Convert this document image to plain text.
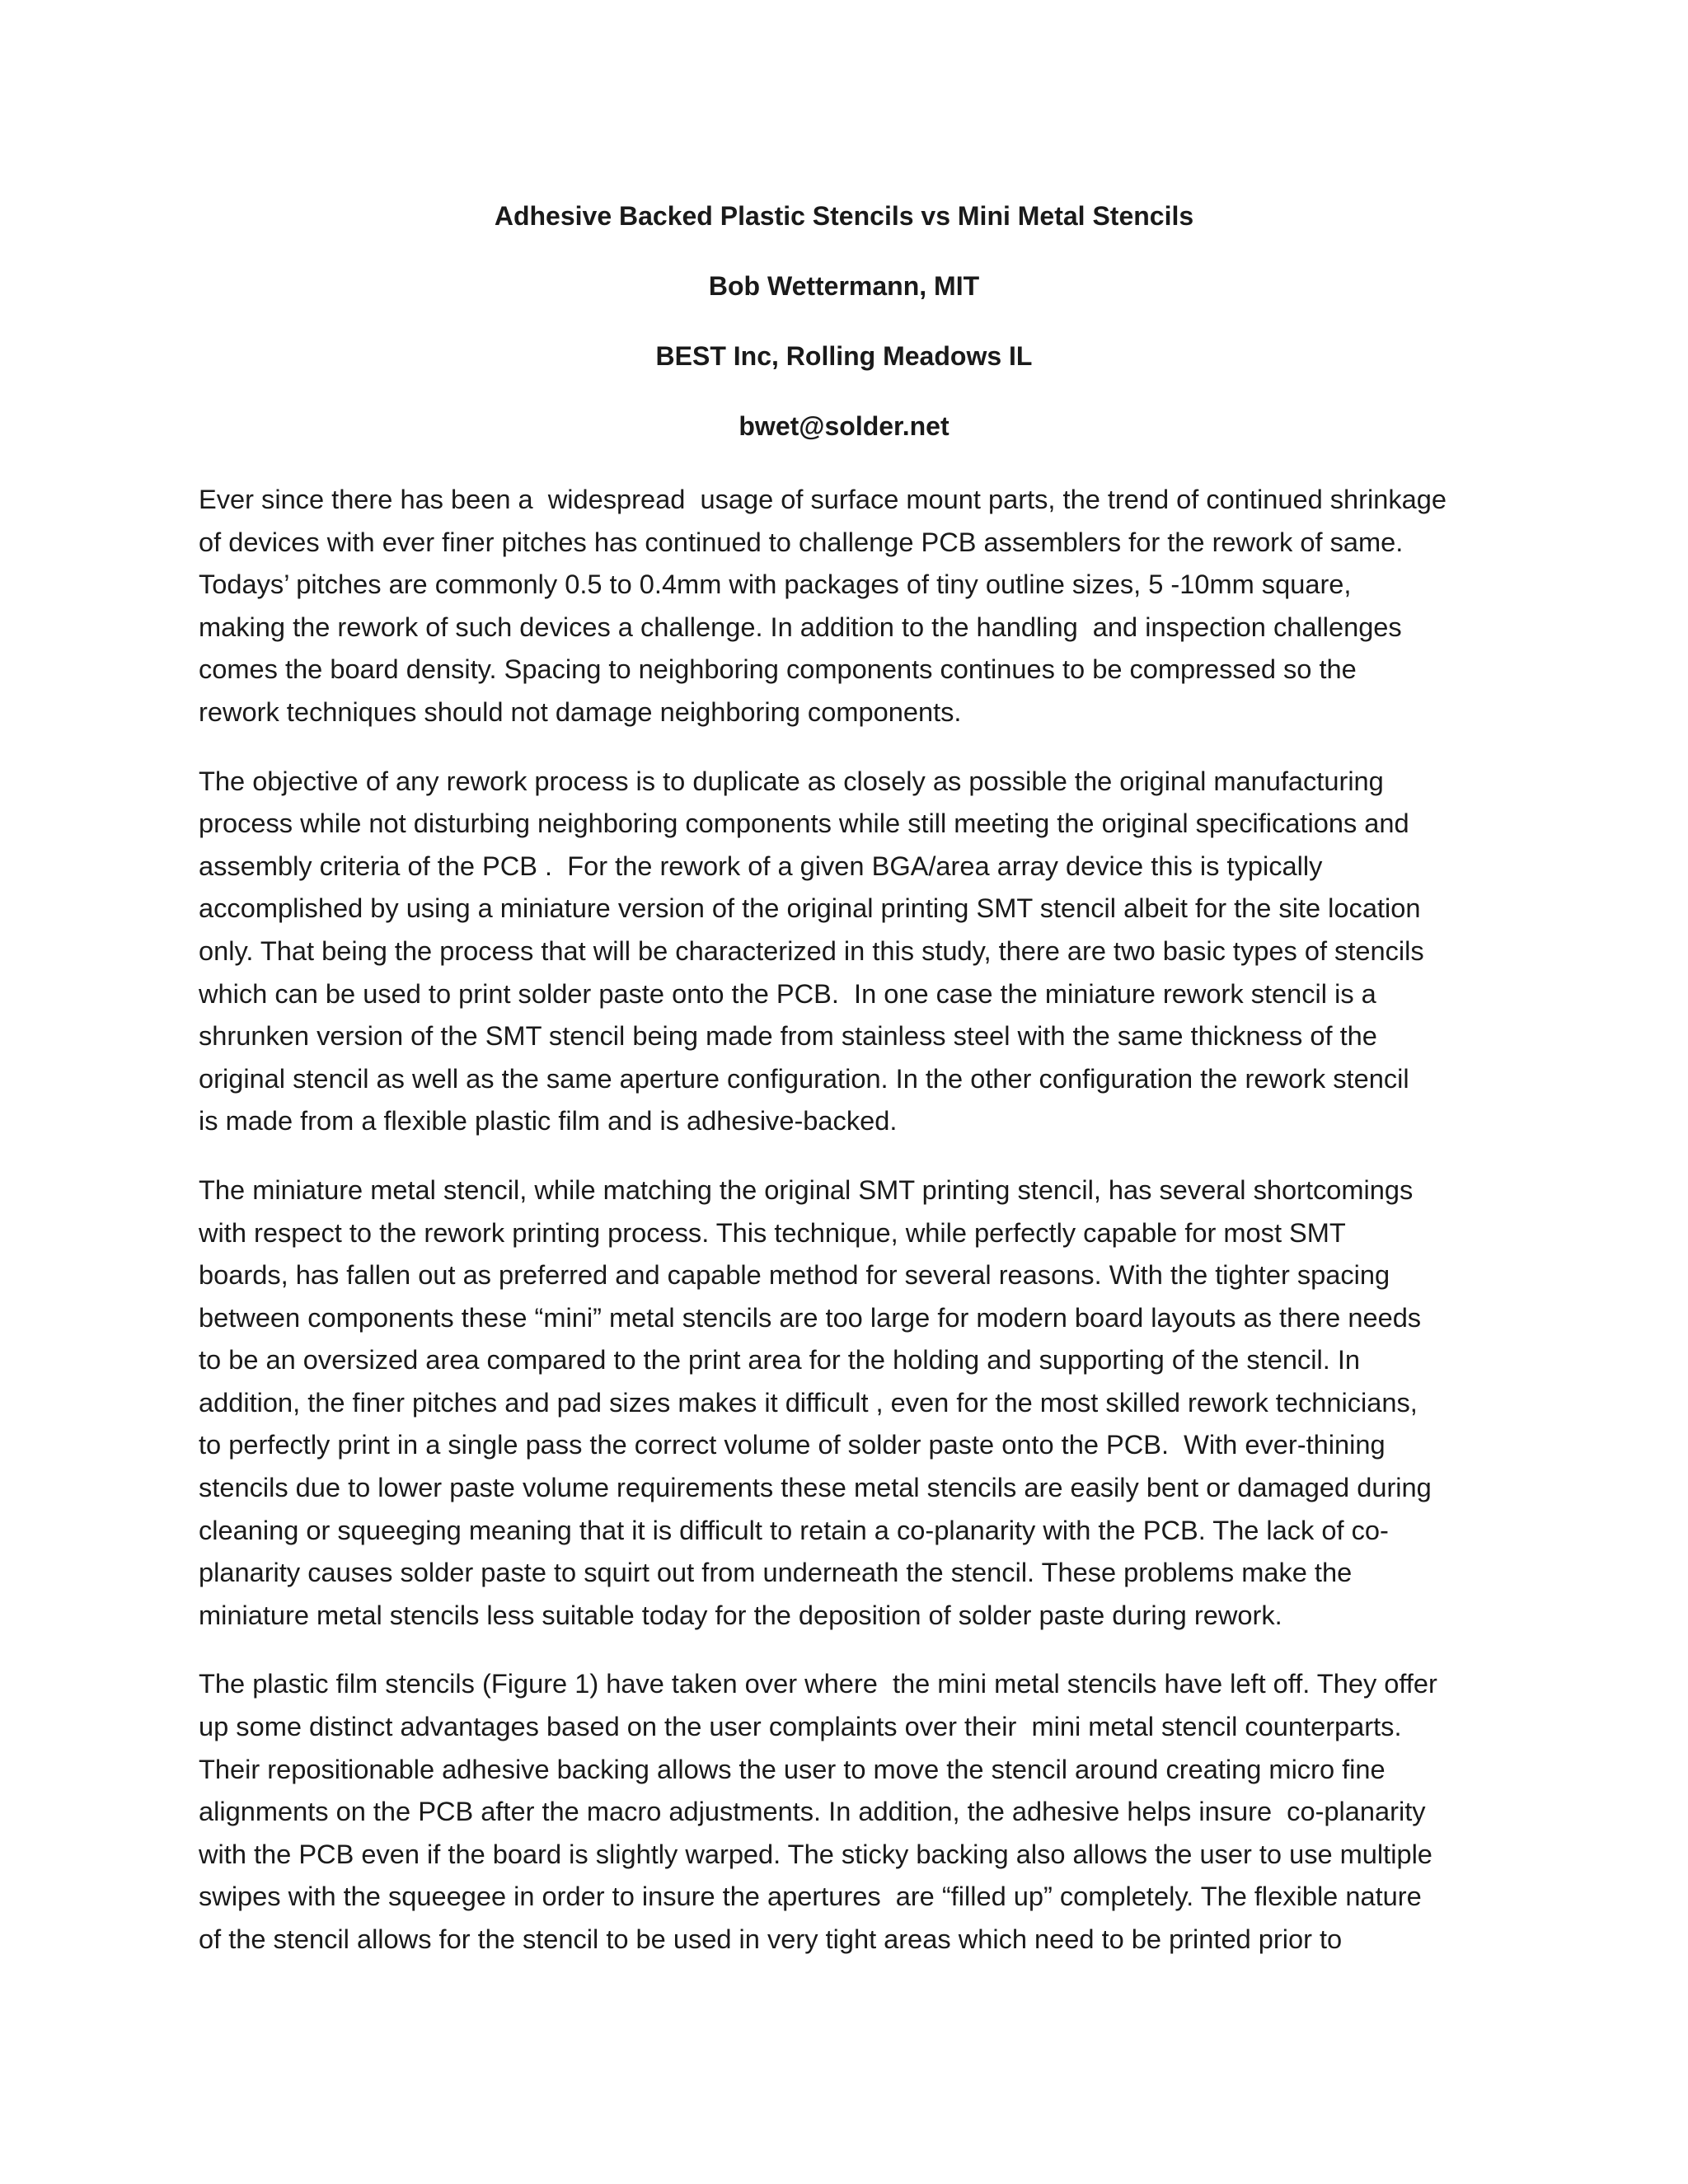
Adhesive Backed Plastic Stencils vs Mini Metal Stencils
Bob Wettermann, MIT
BEST Inc, Rolling Meadows IL
bwet@solder.net

Ever since there has been a  widespread  usage of surface mount parts, the trend of continued shrinkage
of devices with ever finer pitches has continued to challenge PCB assemblers for the rework of same.
Todays’ pitches are commonly 0.5 to 0.4mm with packages of tiny outline sizes, 5 -10mm square,
making the rework of such devices a challenge. In addition to the handling  and inspection challenges
comes the board density. Spacing to neighboring components continues to be compressed so the
rework techniques should not damage neighboring components.

The objective of any rework process is to duplicate as closely as possible the original manufacturing
process while not disturbing neighboring components while still meeting the original specifications and
assembly criteria of the PCB .  For the rework of a given BGA/area array device this is typically
accomplished by using a miniature version of the original printing SMT stencil albeit for the site location
only. That being the process that will be characterized in this study, there are two basic types of stencils
which can be used to print solder paste onto the PCB.  In one case the miniature rework stencil is a
shrunken version of the SMT stencil being made from stainless steel with the same thickness of the
original stencil as well as the same aperture configuration. In the other configuration the rework stencil
is made from a flexible plastic film and is adhesive-backed.

The miniature metal stencil, while matching the original SMT printing stencil, has several shortcomings
with respect to the rework printing process. This technique, while perfectly capable for most SMT
boards, has fallen out as preferred and capable method for several reasons. With the tighter spacing
between components these “mini” metal stencils are too large for modern board layouts as there needs
to be an oversized area compared to the print area for the holding and supporting of the stencil. In
addition, the finer pitches and pad sizes makes it difficult , even for the most skilled rework technicians,
to perfectly print in a single pass the correct volume of solder paste onto the PCB.  With ever-thining
stencils due to lower paste volume requirements these metal stencils are easily bent or damaged during
cleaning or squeeging meaning that it is difficult to retain a co-planarity with the PCB. The lack of co-
planarity causes solder paste to squirt out from underneath the stencil. These problems make the
miniature metal stencils less suitable today for the deposition of solder paste during rework.

The plastic film stencils (Figure 1) have taken over where  the mini metal stencils have left off. They offer
up some distinct advantages based on the user complaints over their  mini metal stencil counterparts.
Their repositionable adhesive backing allows the user to move the stencil around creating micro fine
alignments on the PCB after the macro adjustments. In addition, the adhesive helps insure  co-planarity
with the PCB even if the board is slightly warped. The sticky backing also allows the user to use multiple
swipes with the squeegee in order to insure the apertures  are “filled up” completely. The flexible nature
of the stencil allows for the stencil to be used in very tight areas which need to be printed prior to
